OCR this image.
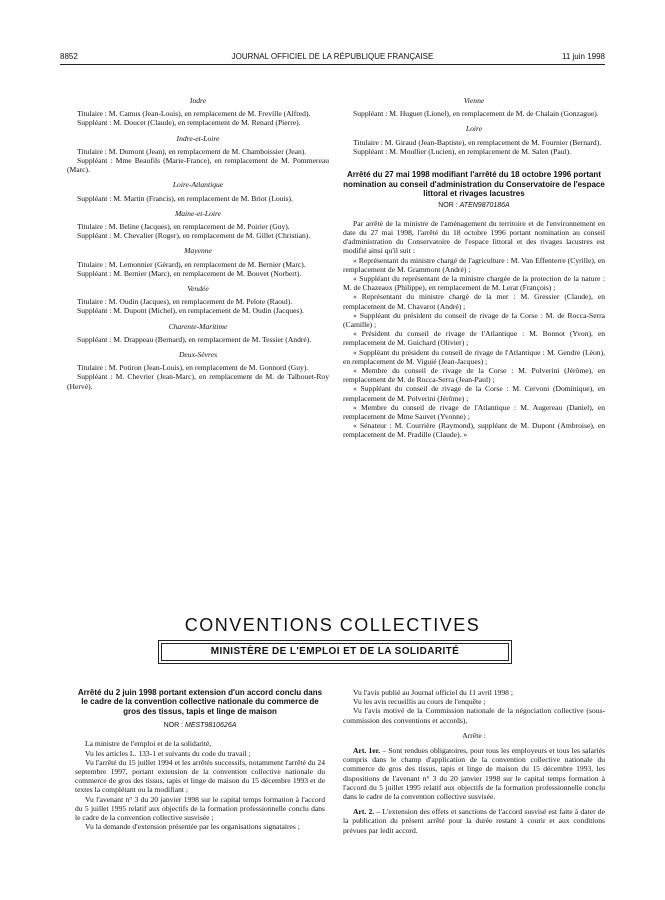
8852	JOURNAL OFFICIEL DE LA RÉPUBLIQUE FRANÇAISE	11 juin 1998

Indre

Titulaire : M. Camus (Jean-Louis), en remplacement de M. Freville (Alfred).

Suppléant : M. Doucet (Claude), en remplacement de M. Renard (Pierre).

Indre-et-Loire

Titulaire : M. Dumont (Jean), en remplacement de M. Chamboissier (Jean).

Suppléant : Mme Beaufils (Marie-France), en remplacement de M. Pommereau (Marc).

Loire-Atlantique

Suppléant : M. Martin (Francis), en remplacement de M. Briot (Louis).

Maine-et-Loire

Titulaire : M. Beline (Jacques), en remplacement de M. Poirier (Guy).

Suppléant : M. Chevalier (Roger), en remplacement de M. Gillet (Christian).

Mayenne

Titulaire : M. Lemonnier (Gérard), en remplacement de M. Bernier (Marc).

Suppléant : M. Bernier (Marc), en remplacement de M. Bouvet (Norbert).

Vendée

Titulaire : M. Oudin (Jacques), en remplacement de M. Pelote (Raoul).

Suppléant : M. Dupont (Michel), en remplacement de M. Oudin (Jacques).

Charente-Maritime

Suppléant : M. Drappeau (Bernard), en remplacement de M. Tessier (André).

Deux-Sèvres

Titulaire : M. Potiron (Jean-Louis), en remplacement de M. Gonnord (Guy).

Suppléant : M. Chevrier (Jean-Marc), en remplacement de M. de Talhouet-Roy (Hervé).

Vienne

Suppléant : M. Huguet (Lionel), en remplacement de M. de Chalain (Gonzague).

Loire

Titulaire : M. Giraud (Jean-Baptiste), en remplacement de M. Fournier (Bernard).

Suppléant : M. Moullier (Lucien), en remplacement de M. Salen (Paul).

Arrêté du 27 mai 1998 modifiant l'arrêté du 18 octobre 1996 portant nomination au conseil d'administration du Conservatoire de l'espace littoral et rivages lacustres

NOR : ATEN9870186A

Par arrêté de la ministre de l'aménagement du territoire et de l'environnement en date du 27 mai 1998, l'arrêté du 18 octobre 1996 portant nomination au conseil d'administration du Conservatoire de l'espace littoral et des rivages lacustres est modifié ainsi qu'il suit :

« Représentant du ministre chargé de l'agriculture : M. Van Effenterre (Cyrille), en remplacement de M. Grammont (André) ;

« Suppléant du représentant de la ministre chargée de la protection de la nature : M. de Chazeaux (Philippe), en remplacement de M. Lerat (François) ;

« Représentant du ministre chargé de la mer : M. Gressier (Claude), en remplacement de M. Chavarot (André) ;

« Suppléant du président du conseil de rivage de la Corse : M. de Rocca-Serra (Camille) ;

« Président du conseil de rivage de l'Atlantique : M. Bonnot (Yvon), en remplacement de M. Guichard (Olivier) ;

« Suppléant du président du conseil de rivage de l'Atlantique : M. Gendre (Léon), en remplacement de M. Viguié (Jean-Jacques) ;

« Membre du conseil de rivage de la Corse : M. Polverini (Jérôme), en remplacement de M. de Rocca-Serra (Jean-Paul) ;

« Suppléant du conseil de rivage de la Corse : M. Cervoni (Dominique), en remplacement de M. Polverini (Jérôme) ;

« Membre du conseil de rivage de l'Atlantique : M. Augereau (Daniel), en remplacement de Mme Sauvet (Yvonne) ;

« Sénateur : M. Courrière (Raymond), suppléant de M. Dupont (Ambroise), en remplacement de M. Pradille (Claude). »

CONVENTIONS COLLECTIVES
MINISTÈRE DE L'EMPLOI ET DE LA SOLIDARITÉ

Arrêté du 2 juin 1998 portant extension d'un accord conclu dans le cadre de la convention collective nationale du commerce de gros des tissus, tapis et linge de maison

NOR : MEST9810626A

La ministre de l'emploi et de la solidarité,

Vu les articles L. 133-1 et suivants du code du travail ;

Vu l'arrêté du 15 juillet 1994 et les arrêtés successifs, notamment l'arrêté du 24 septembre 1997, portant extension de la convention collective nationale du commerce de gros des tissus, tapis et linge de maison du 15 décembre 1993 et de textes la complétant ou la modifiant ;

Vu l'avenant n° 3 du 20 janvier 1998 sur le capital temps formation à l'accord du 5 juillet 1995 relatif aux objectifs de la formation professionnelle conclu dans le cadre de la convention collective susvisée ;

Vu la demande d'extension présentée par les organisations signataires ;

Vu l'avis publié au Journal officiel du 11 avril 1998 ;

Vu les avis recueillis au cours de l'enquête ;

Vu l'avis motivé de la Commission nationale de la négociation collective (sous-commission des conventions et accords),

Arrête :

Art. 1er. – Sont rendues obligatoires, pour tous les employeurs et tous les salariés compris dans le champ d'application de la convention collective nationale du commerce de gros des tissus, tapis et linge de maison du 15 décembre 1993, les dispositions de l'avenant n° 3 du 20 janvier 1998 sur le capital temps formation à l'accord du 5 juillet 1995 relatif aux objectifs de la formation professionnelle conclu dans le cadre de la convention collective susvisée.

Art. 2. – L'extension des effets et sanctions de l'accord susvisé est faite à dater de la publication du présent arrêté pour la durée restant à courir et aux conditions prévues par ledit accord.
